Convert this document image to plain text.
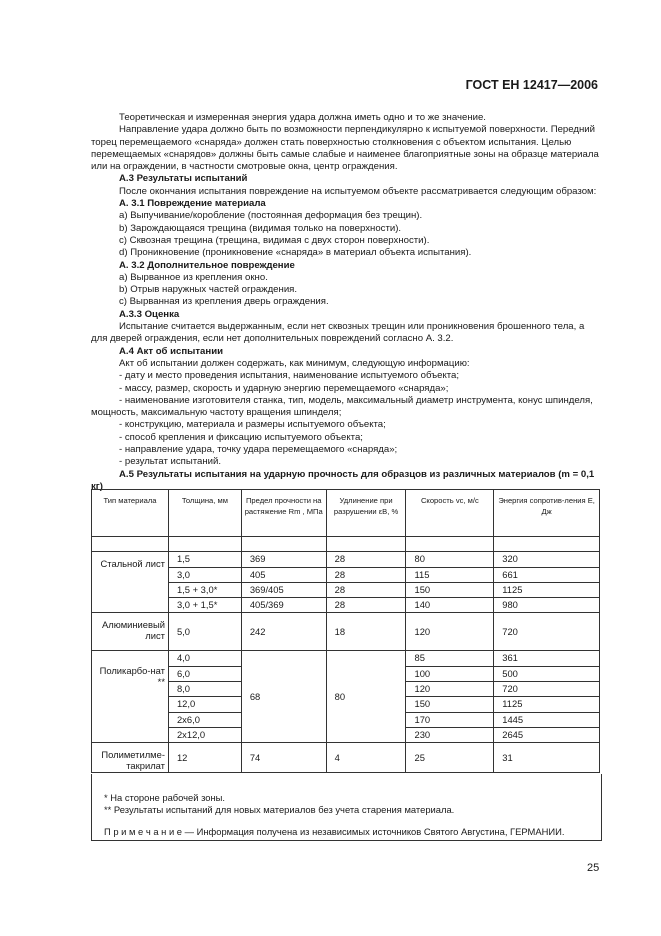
ГОСТ ЕН 12417—2006

Теоретическая и измеренная энергия удара должна иметь одно и то же значение.

Направление удара должно быть по возможности перпендикулярно к испытуемой поверхности. Передний торец перемещаемого «снаряда» должен стать поверхностью столкновения с объектом испытания. Целью перемещаемых «снарядов» должны быть самые слабые и наименее благоприятные зоны на образце материала или на ограждении, в частности смотровые окна, центр ограждения.

А.3 Результаты испытаний

После окончания испытания повреждение на испытуемом объекте рассматривается следующим образом:

А. 3.1 Повреждение материала

а) Выпучивание/коробление (постоянная деформация без трещин).

b) Зарождающаяся трещина (видимая только на поверхности).

с) Сквозная трещина (трещина, видимая с двух сторон поверхности).

d) Проникновение (проникновение «снаряда» в материал объекта испытания).

А. 3.2 Дополнительное повреждение

а) Вырванное из крепления окно.

b) Отрыв наружных частей ограждения.

с) Вырванная из крепления дверь ограждения.

А.3.3 Оценка

Испытание считается выдержанным, если нет сквозных трещин или проникновения брошенного тела, а для дверей ограждения, если нет дополнительных повреждений согласно А. 3.2.

А.4 Акт об испытании

Акт об испытании должен содержать, как минимум, следующую информацию:

- дату и место проведения испытания, наименование испытуемого объекта;

- массу, размер, скорость и ударную энергию перемещаемого «снаряда»;

- наименование изготовителя станка, тип, модель, максимальный диаметр инструмента, конус шпинделя, мощность, максимальную частоту вращения шпинделя;

- конструкцию, материала и размеры испытуемого объекта;

- способ крепления и фиксацию испытуемого объекта;

- направление удара, точку удара перемещаемого «снаряда»;

- результат испытаний.

А.5 Результаты испытания на ударную прочность для образцов из различных материалов (m = 0,1 кг)

Тип материала	Толщина, мм	Предел прочности на растяжение Rm , МПа	Удлинение при разрушении εB, %	Скорость vc, м/с	Энергия сопротив-ления E, Дж

Стальной лист	1,5	369	28	80	320
	3,0	405	28	115	661
	1,5 + 3,0*	369/405	28	150	1125
	3,0 + 1,5*	405/369	28	140	980
Алюминиевый лист	5,0	242	18	120	720
Поликарбо-нат **	4,0	68	80	85	361
	6,0			100	500
	8,0			120	720
	12,0			150	1125
	2x6,0			170	1445
	2x12,0			230	2645
Полиметилме-такрилат	12	74	4	25	31

* На стороне рабочей зоны.

** Результаты испытаний для новых материалов без учета старения материала.

П р и м е ч а н и е — Информация получена из независимых источников Святого Августина, ГЕРМАНИИ.

25
